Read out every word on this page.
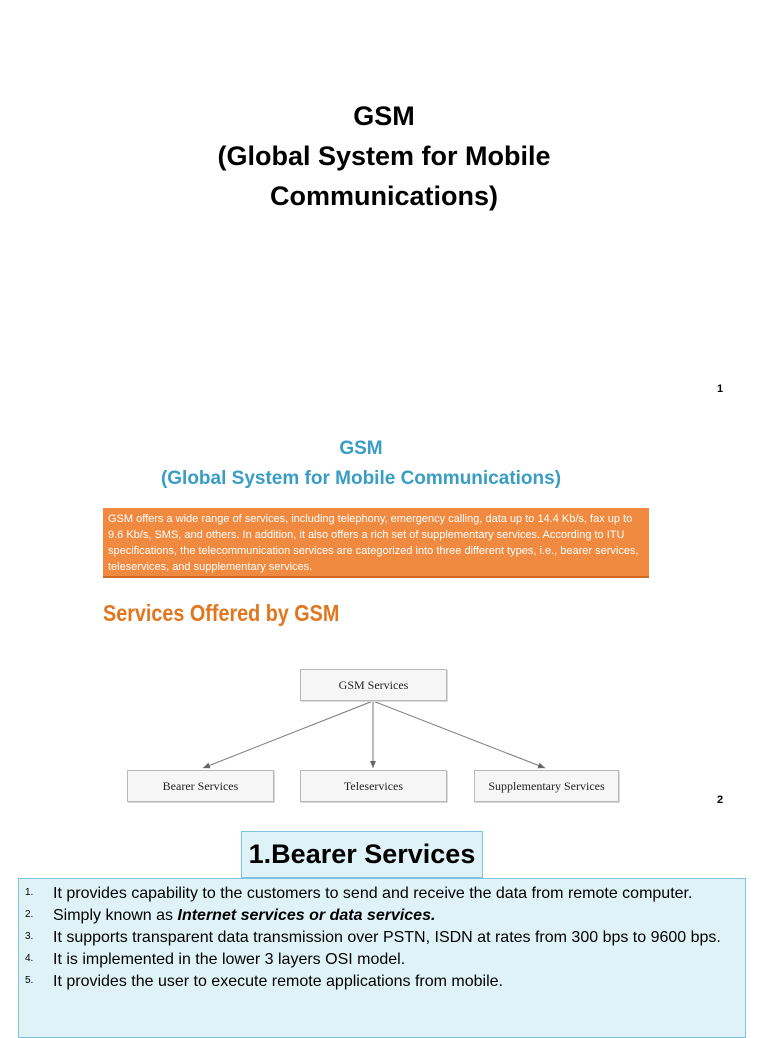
GSM
(Global System for Mobile
Communications)
1
GSM
(Global System for Mobile Communications)
GSM offers a wide range of services, including telephony, emergency calling, data up to 14.4 Kb/s, fax up to 9.6 Kb/s, SMS, and others. In addition, it also offers a rich set of supplementary services. According to ITU specifications, the telecommunication services are categorized into three different types, i.e., bearer services, teleservices, and supplementary services.
Services Offered by GSM
GSM Services
Bearer Services	Teleservices	Supplementary Services
2
1.Bearer Services
1.	It provides capability to the customers to send and receive the data from remote computer.
2.	Simply known as Internet services or data services.
3.	It supports transparent data transmission over PSTN, ISDN at rates from 300 bps to 9600 bps.
4.	It is implemented in the lower 3 layers OSI model.
5.	It provides the user to execute remote applications from mobile.
